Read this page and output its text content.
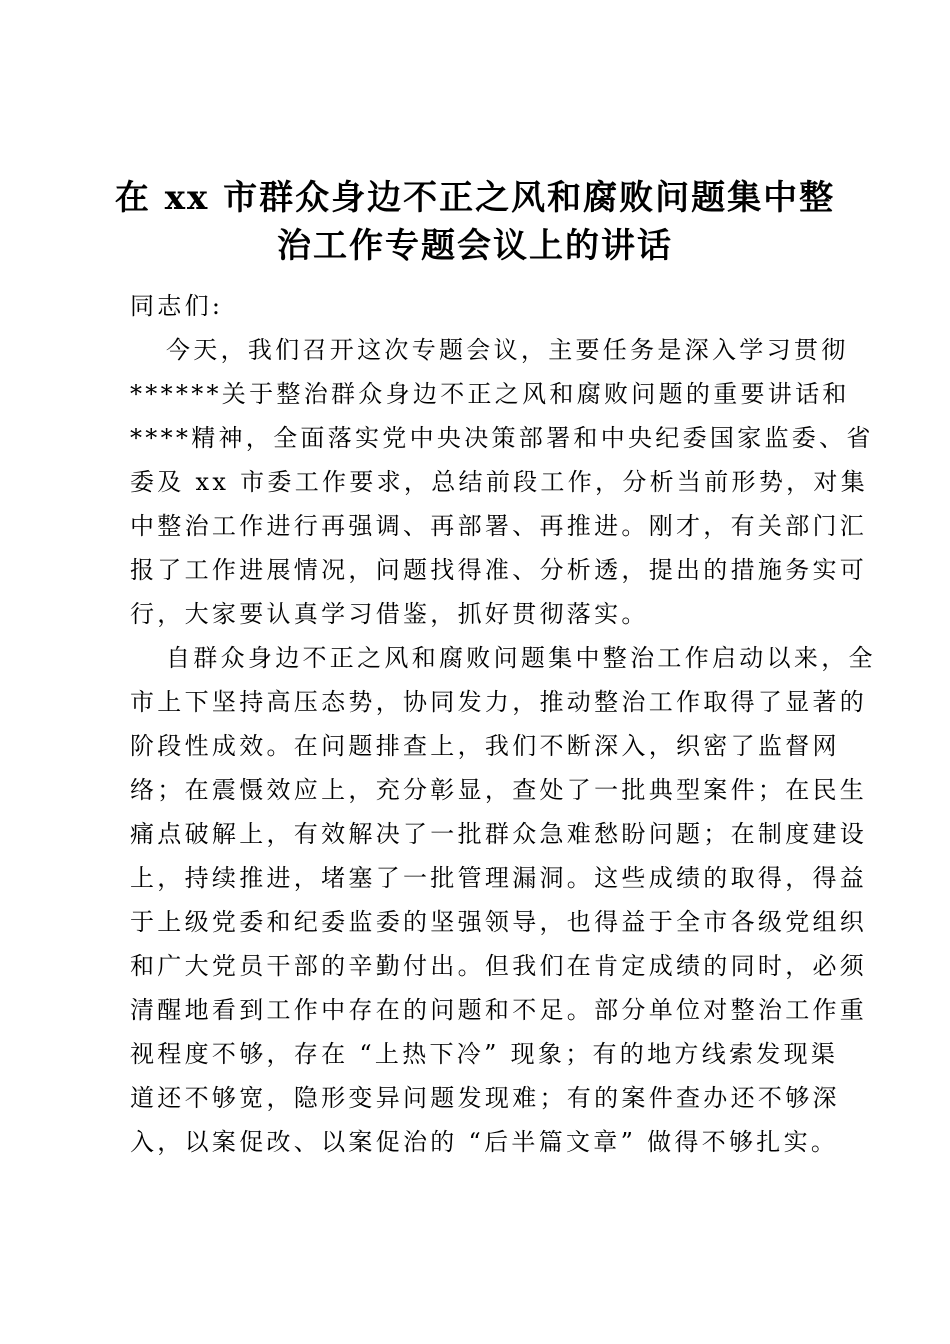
在 xx 市群众身边不正之风和腐败问题集中整
治工作专题会议上的讲话
同志们:
今天，我们召开这次专题会议，主要任务是深入学习贯彻
******关于整治群众身边不正之风和腐败问题的重要讲话和
****精神，全面落实党中央决策部署和中央纪委国家监委、省
委及 xx 市委工作要求，总结前段工作，分析当前形势，对集
中整治工作进行再强调、再部署、再推进。刚才，有关部门汇
报了工作进展情况，问题找得准、分析透，提出的措施务实可
行，大家要认真学习借鉴，抓好贯彻落实。
自群众身边不正之风和腐败问题集中整治工作启动以来，全
市上下坚持高压态势，协同发力，推动整治工作取得了显著的
阶段性成效。在问题排查上，我们不断深入，织密了监督网
络；在震慑效应上，充分彰显，查处了一批典型案件；在民生
痛点破解上，有效解决了一批群众急难愁盼问题；在制度建设
上，持续推进，堵塞了一批管理漏洞。这些成绩的取得，得益
于上级党委和纪委监委的坚强领导，也得益于全市各级党组织
和广大党员干部的辛勤付出。但我们在肯定成绩的同时，必须
清醒地看到工作中存在的问题和不足。部分单位对整治工作重
视程度不够，存在 “上热下冷” 现象；有的地方线索发现渠
道还不够宽，隐形变异问题发现难；有的案件查办还不够深
入，以案促改、以案促治的 “后半篇文章” 做得不够扎实。
